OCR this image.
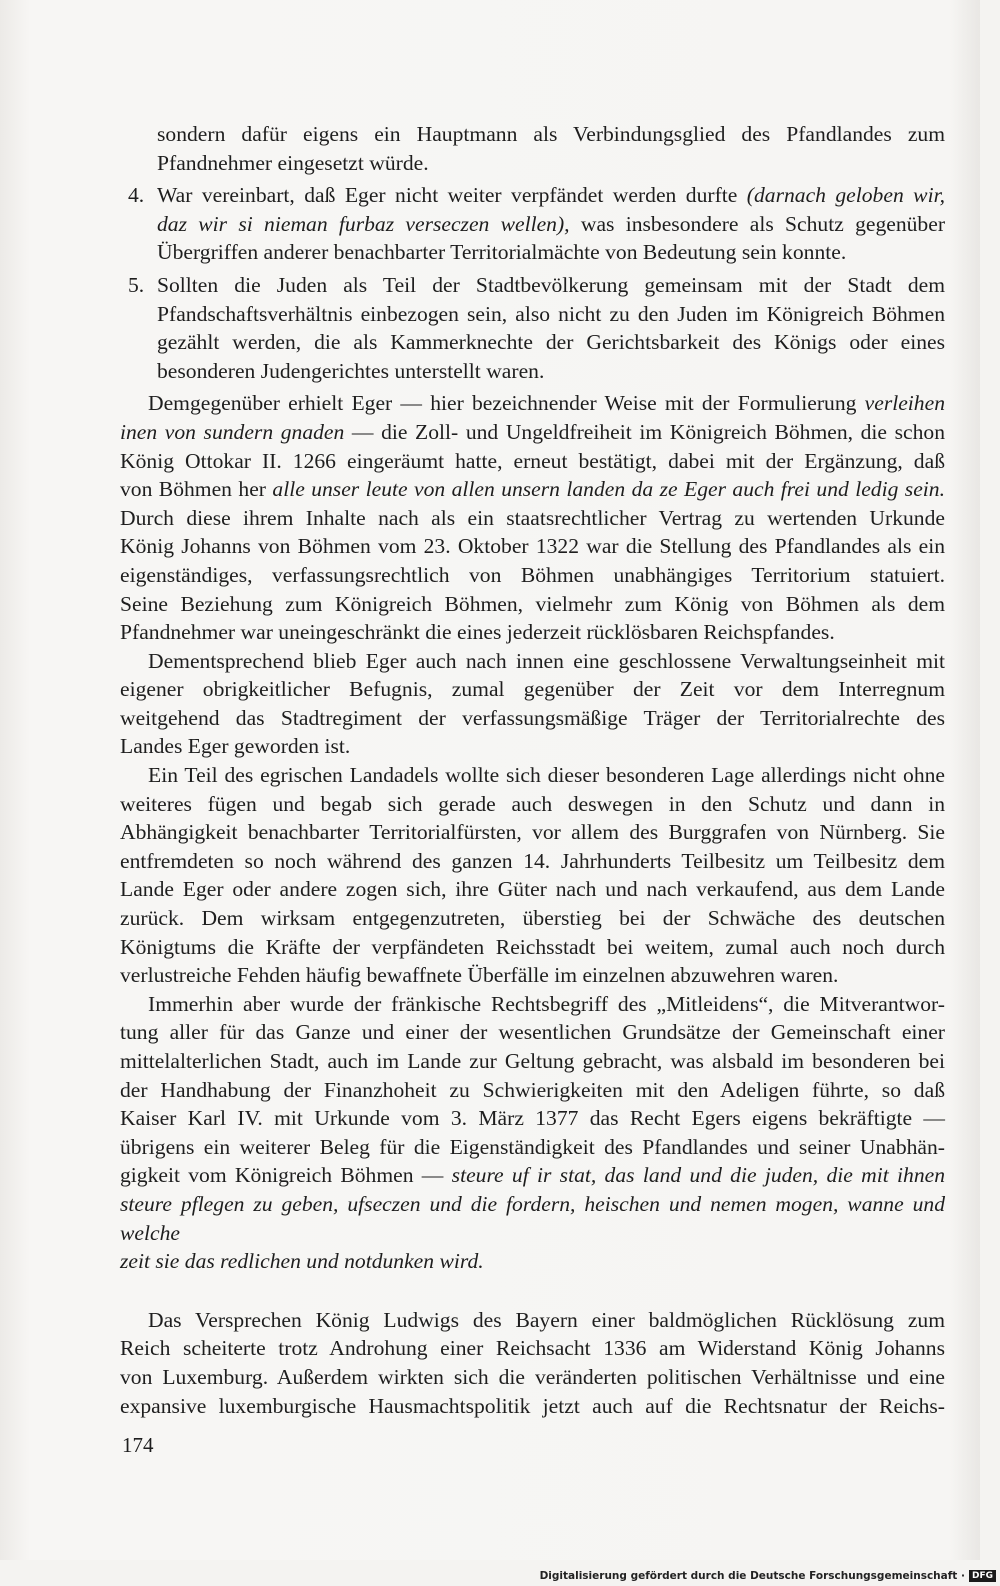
sondern dafür eigens ein Hauptmann als Verbindungsglied des Pfandlandes zum

Pfandnehmer eingesetzt würde.

4. War vereinbart, daß Eger nicht weiter verpfändet werden durfte (darnach geloben wir,

daz wir si nieman furbaz verseczen wellen), was insbesondere als Schutz gegenüber

Übergriffen anderer benachbarter Territorialmächte von Bedeutung sein konnte.

5. Sollten die Juden als Teil der Stadtbevölkerung gemeinsam mit der Stadt dem

Pfandschaftsverhältnis einbezogen sein, also nicht zu den Juden im Königreich Böhmen

gezählt werden, die als Kammerknechte der Gerichtsbarkeit des Königs oder eines

besonderen Judengerichtes unterstellt waren.

Demgegenüber erhielt Eger — hier bezeichnender Weise mit der Formulierung verleihen

inen von sundern gnaden — die Zoll- und Ungeldfreiheit im Königreich Böhmen, die schon

König Ottokar II. 1266 eingeräumt hatte, erneut bestätigt, dabei mit der Ergänzung, daß

von Böhmen her alle unser leute von allen unsern landen da ze Eger auch frei und ledig sein.

Durch diese ihrem Inhalte nach als ein staatsrechtlicher Vertrag zu wertenden Urkunde

König Johanns von Böhmen vom 23. Oktober 1322 war die Stellung des Pfandlandes als ein

eigenständiges, verfassungsrechtlich von Böhmen unabhängiges Territorium statuiert.

Seine Beziehung zum Königreich Böhmen, vielmehr zum König von Böhmen als dem

Pfandnehmer war uneingeschränkt die eines jederzeit rücklösbaren Reichspfandes.

Dementsprechend blieb Eger auch nach innen eine geschlossene Verwaltungseinheit mit

eigener obrigkeitlicher Befugnis, zumal gegenüber der Zeit vor dem Interregnum

weitgehend das Stadtregiment der verfassungsmäßige Träger der Territorialrechte des

Landes Eger geworden ist.

Ein Teil des egrischen Landadels wollte sich dieser besonderen Lage allerdings nicht ohne

weiteres fügen und begab sich gerade auch deswegen in den Schutz und dann in

Abhängigkeit benachbarter Territorialfürsten, vor allem des Burggrafen von Nürnberg. Sie

entfremdeten so noch während des ganzen 14. Jahrhunderts Teilbesitz um Teilbesitz dem

Lande Eger oder andere zogen sich, ihre Güter nach und nach verkaufend, aus dem Lande

zurück. Dem wirksam entgegenzutreten, überstieg bei der Schwäche des deutschen

Königtums die Kräfte der verpfändeten Reichsstadt bei weitem, zumal auch noch durch

verlustreiche Fehden häufig bewaffnete Überfälle im einzelnen abzuwehren waren.

Immerhin aber wurde der fränkische Rechtsbegriff des „Mitleidens“, die Mitverantwor-

tung aller für das Ganze und einer der wesentlichen Grundsätze der Gemeinschaft einer

mittelalterlichen Stadt, auch im Lande zur Geltung gebracht, was alsbald im besonderen bei

der Handhabung der Finanzhoheit zu Schwierigkeiten mit den Adeligen führte, so daß

Kaiser Karl IV. mit Urkunde vom 3. März 1377 das Recht Egers eigens bekräftigte —

übrigens ein weiterer Beleg für die Eigenständigkeit des Pfandlandes und seiner Unabhän-

gigkeit vom Königreich Böhmen — steure uf ir stat, das land und die juden, die mit ihnen

steure pflegen zu geben, ufseczen und die fordern, heischen und nemen mogen, wanne und welche

zeit sie das redlichen und notdunken wird.

Das Versprechen König Ludwigs des Bayern einer baldmöglichen Rücklösung zum

Reich scheiterte trotz Androhung einer Reichsacht 1336 am Widerstand König Johanns

von Luxemburg. Außerdem wirkten sich die veränderten politischen Verhältnisse und eine

expansive luxemburgische Hausmachtspolitik jetzt auch auf die Rechtsnatur der Reichs-

174
Digitalisierung gefördert durch die Deutsche Forschungsgemeinschaft · DFG
